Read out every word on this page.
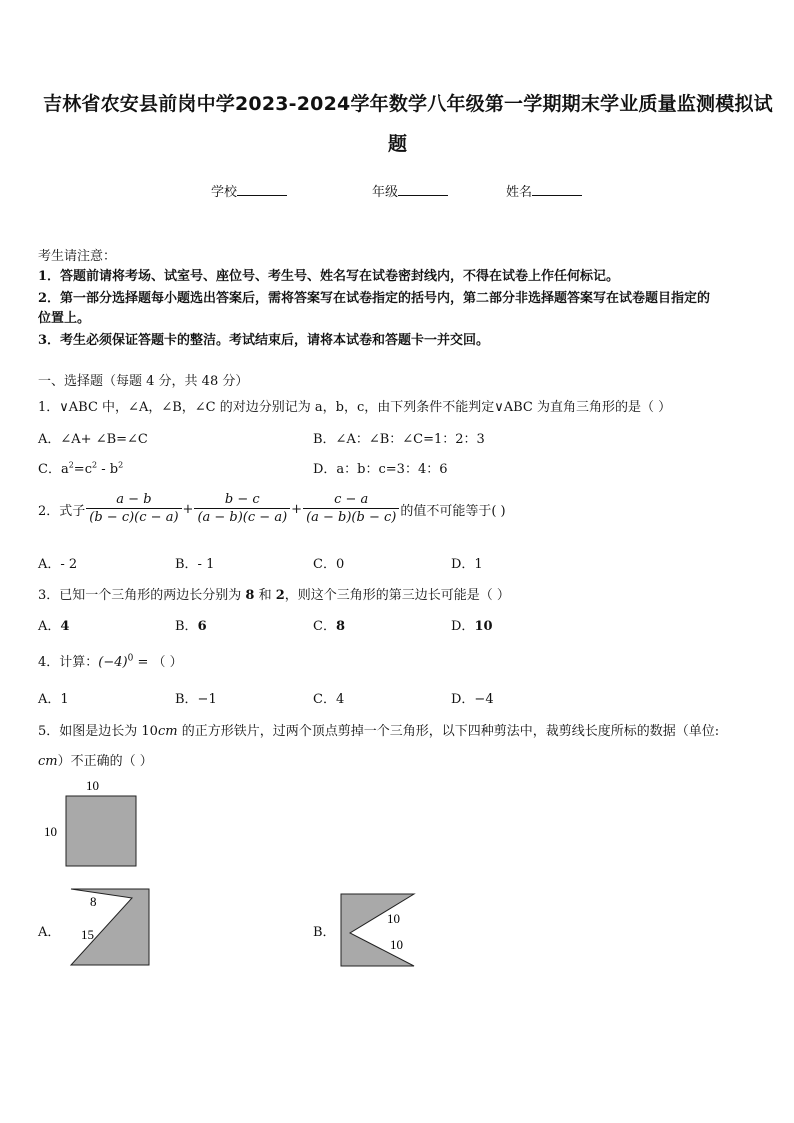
吉林省农安县前岗中学2023-2024学年数学八年级第一学期期末学业质量监测模拟试
题
学校	年级	姓名
考生请注意：
1．答题前请将考场、试室号、座位号、考生号、姓名写在试卷密封线内，不得在试卷上作任何标记。
2．第一部分选择题每小题选出答案后，需将答案写在试卷指定的括号内，第二部分非选择题答案写在试卷题目指定的
位置上。
3．考生必须保证答题卡的整洁。考试结束后，请将本试卷和答题卡一并交回。
一、选择题（每题 4 分，共 48 分）
1．∨ABC 中，∠A，∠B，∠C 的对边分别记为 a，b，c，由下列条件不能判定∨ABC 为直角三角形的是（ ）
A．∠A+ ∠B=∠C	B．∠A：∠B：∠C=1：2：3
C．$a^2=c^2 - b^2$	D．a：b：c=3：4：6
2．式子 $\frac{a - b}{(b - c)(c - a)} + \frac{b - c}{(a - b)(c - a)} + \frac{c - a}{(a - b)(b - c)}$ 的值不可能等于( )
A．- 2	B．- 1	C．0	D．1
3．已知一个三角形的两边长分别为 8 和 2，则这个三角形的第三边长可能是（ ）
A．4	B．6	C．8	D．10
4．计算：$(-4)^0$ = （ ）
A．1	B．−1	C．4	D．−4
5．如图是边长为 10cm 的正方形铁片，过两个顶点剪掉一个三角形，以下四种剪法中，裁剪线长度所标的数据（单位:
cm）不正确的（ ）
10
10
A．
8
15	B．
10
10
